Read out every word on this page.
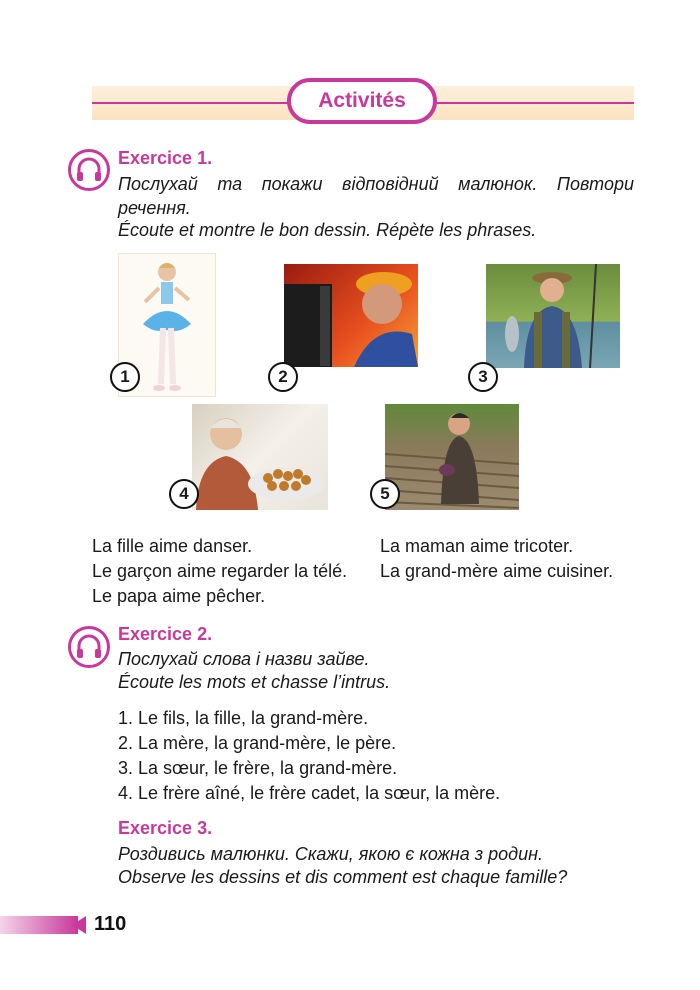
Activités
Exercice 1.
Послухай та покажи відповідний малюнок. Повтори речення.
Écoute et montre le bon dessin. Répète les phrases.
1	2	3
4	5
La fille aime danser.
Le garçon aime regarder la télé.
Le papa aime pêcher.
La maman aime tricoter.
La grand-mère aime cuisiner.
Exercice 2.
Послухай слова і назви зайве.
Écoute les mots et chasse l’intrus.
1. Le fils, la fille, la grand-mère.
2. La mère, la grand-mère, le père.
3. La sœur, le frère, la grand-mère.
4. Le frère aîné, le frère cadet, la sœur, la mère.
Exercice 3.
Роздивись малюнки. Скажи, якою є кожна з родин.
Observe les dessins et dis comment est chaque famille?
110
